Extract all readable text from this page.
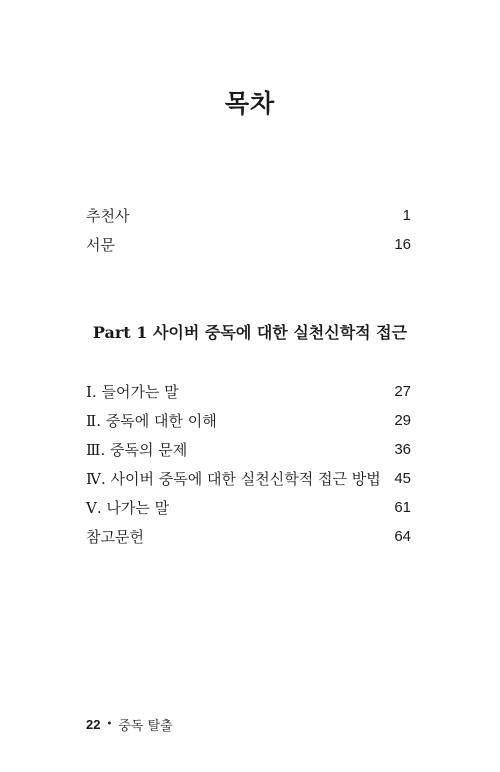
목차
추천사	1
서문	16
Part 1 사이버 중독에 대한 실천신학적 접근
Ⅰ. 들어가는 말	27
Ⅱ. 중독에 대한 이해	29
Ⅲ. 중독의 문제	36
Ⅳ. 사이버 중독에 대한 실천신학적 접근 방법 45
Ⅴ. 나가는 말	61
참고문헌	64
22 • 중독 탈출
